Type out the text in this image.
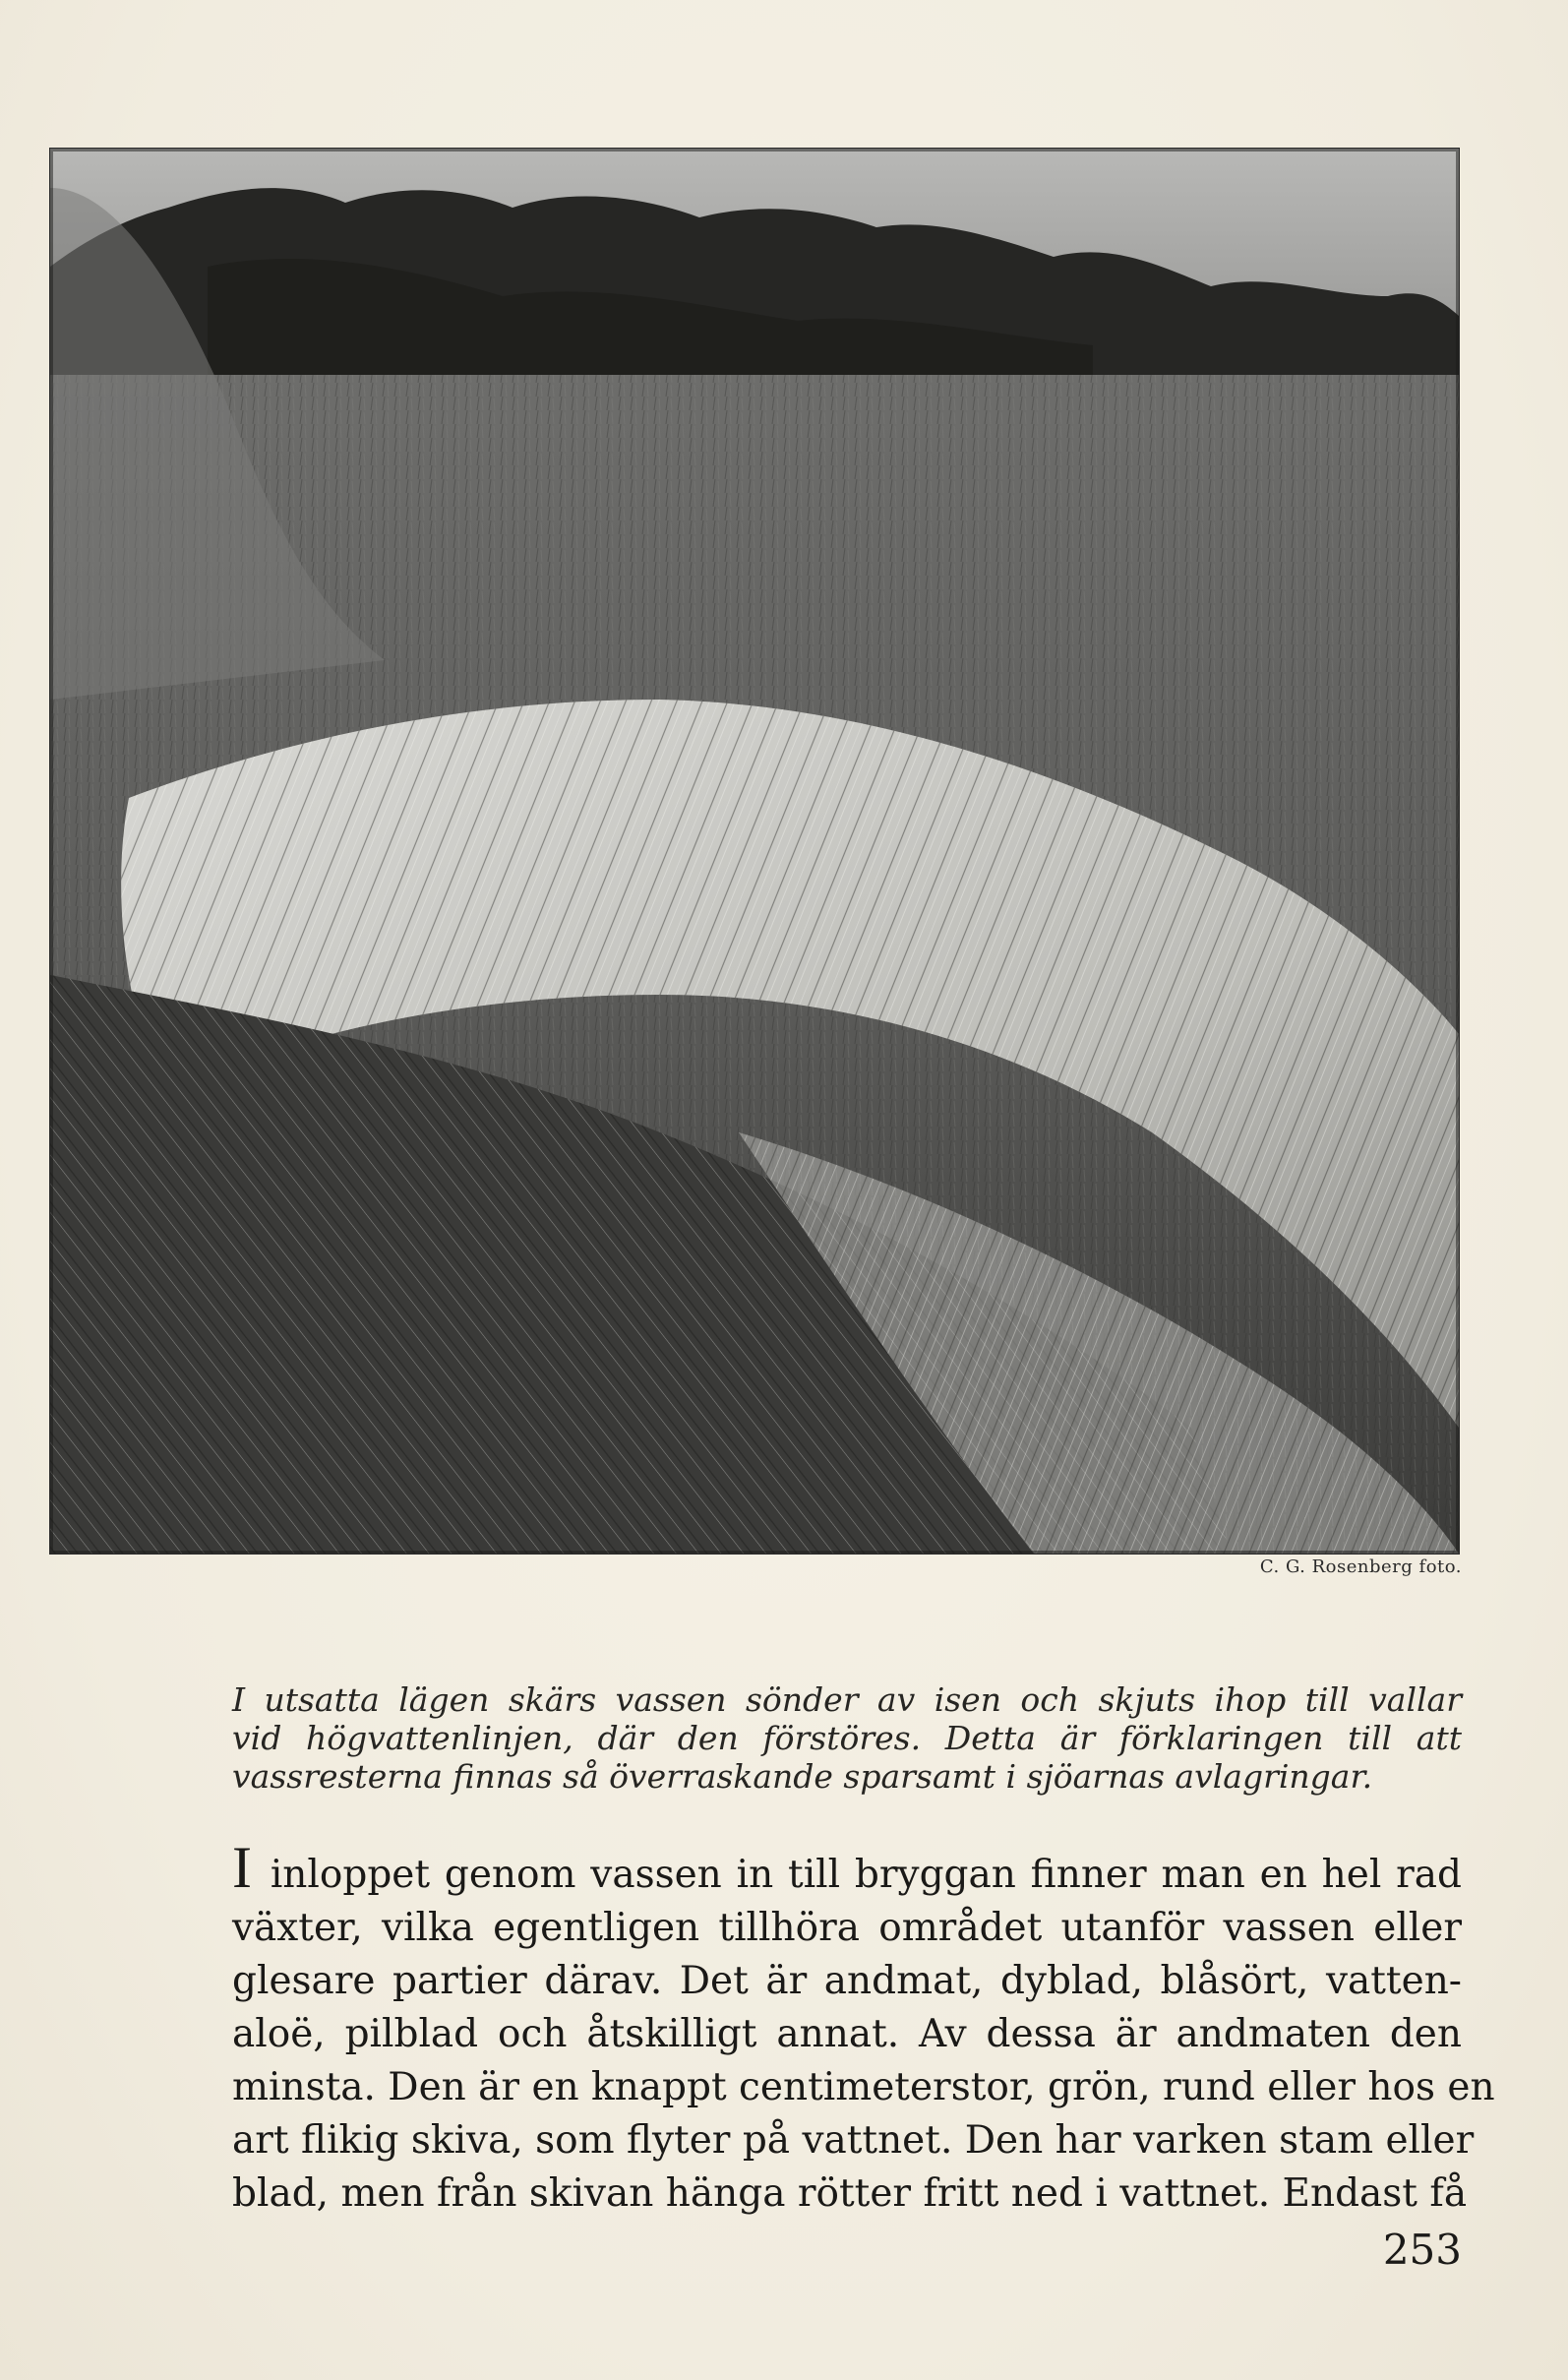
C. G. Rosenberg foto.
I utsatta lägen skärs vassen sönder av isen och skjuts ihop till vallar
vid högvattenlinjen, där den förstöres. Detta är förklaringen till att
vassresterna finnas så överraskande sparsamt i sjöarnas avlagringar.
I inloppet genom vassen in till bryggan finner man en hel rad
växter, vilka egentligen tillhöra området utanför vassen eller
glesare partier därav. Det är andmat, dyblad, blåsört, vatten-
aloë, pilblad och åtskilligt annat. Av dessa är andmaten den
minsta. Den är en knappt centimeterstor, grön, rund eller hos en
art flikig skiva, som flyter på vattnet. Den har varken stam eller
blad, men från skivan hänga rötter fritt ned i vattnet. Endast få
253
